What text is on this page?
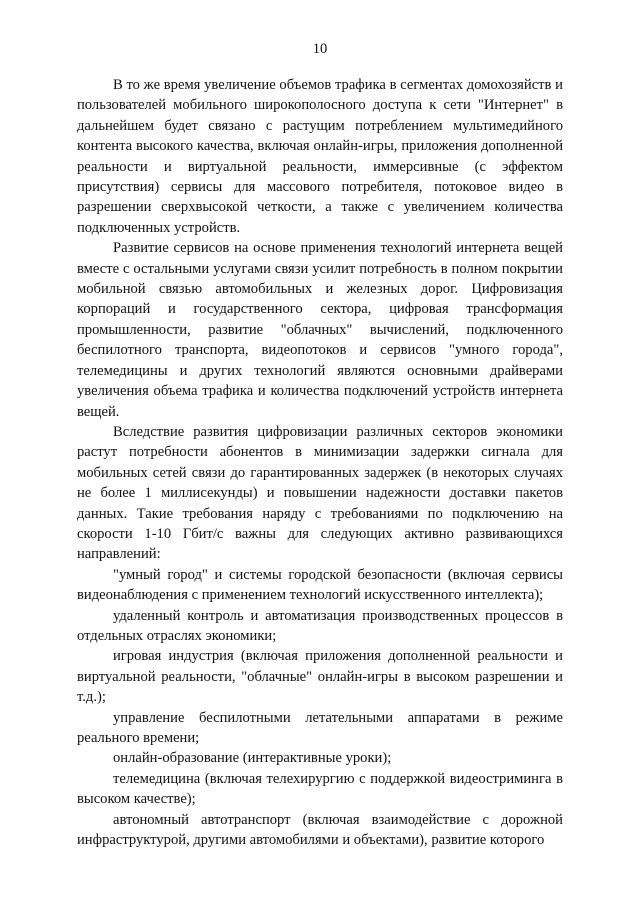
10

В то же время увеличение объемов трафика в сегментах домохозяйств и пользователей мобильного широкополосного доступа к сети "Интернет" в дальнейшем будет связано с растущим потреблением мультимедийного контента высокого качества, включая онлайн-игры, приложения дополненной реальности и виртуальной реальности, иммерсивные (с эффектом присутствия) сервисы для массового потребителя, потоковое видео в разрешении сверхвысокой четкости, а также с увеличением количества подключенных устройств.

Развитие сервисов на основе применения технологий интернета вещей вместе с остальными услугами связи усилит потребность в полном покрытии мобильной связью автомобильных и железных дорог. Цифровизация корпораций и государственного сектора, цифровая трансформация промышленности, развитие "облачных" вычислений, подключенного беспилотного транспорта, видеопотоков и сервисов "умного города", телемедицины и других технологий являются основными драйверами увеличения объема трафика и количества подключений устройств интернета вещей.

Вследствие развития цифровизации различных секторов экономики растут потребности абонентов в минимизации задержки сигнала для мобильных сетей связи до гарантированных задержек (в некоторых случаях не более 1 миллисекунды) и повышении надежности доставки пакетов данных. Такие требования наряду с требованиями по подключению на скорости 1-10 Гбит/с важны для следующих активно развивающихся направлений:

"умный город" и системы городской безопасности (включая сервисы видеонаблюдения с применением технологий искусственного интеллекта);

удаленный контроль и автоматизация производственных процессов в отдельных отраслях экономики;

игровая индустрия (включая приложения дополненной реальности и виртуальной реальности, "облачные" онлайн-игры в высоком разрешении и т.д.);

управление беспилотными летательными аппаратами в режиме реального времени;

онлайн-образование (интерактивные уроки);

телемедицина (включая телехирургию с поддержкой видеостриминга в высоком качестве);

автономный автотранспорт (включая взаимодействие с дорожной инфраструктурой, другими автомобилями и объектами), развитие которого
